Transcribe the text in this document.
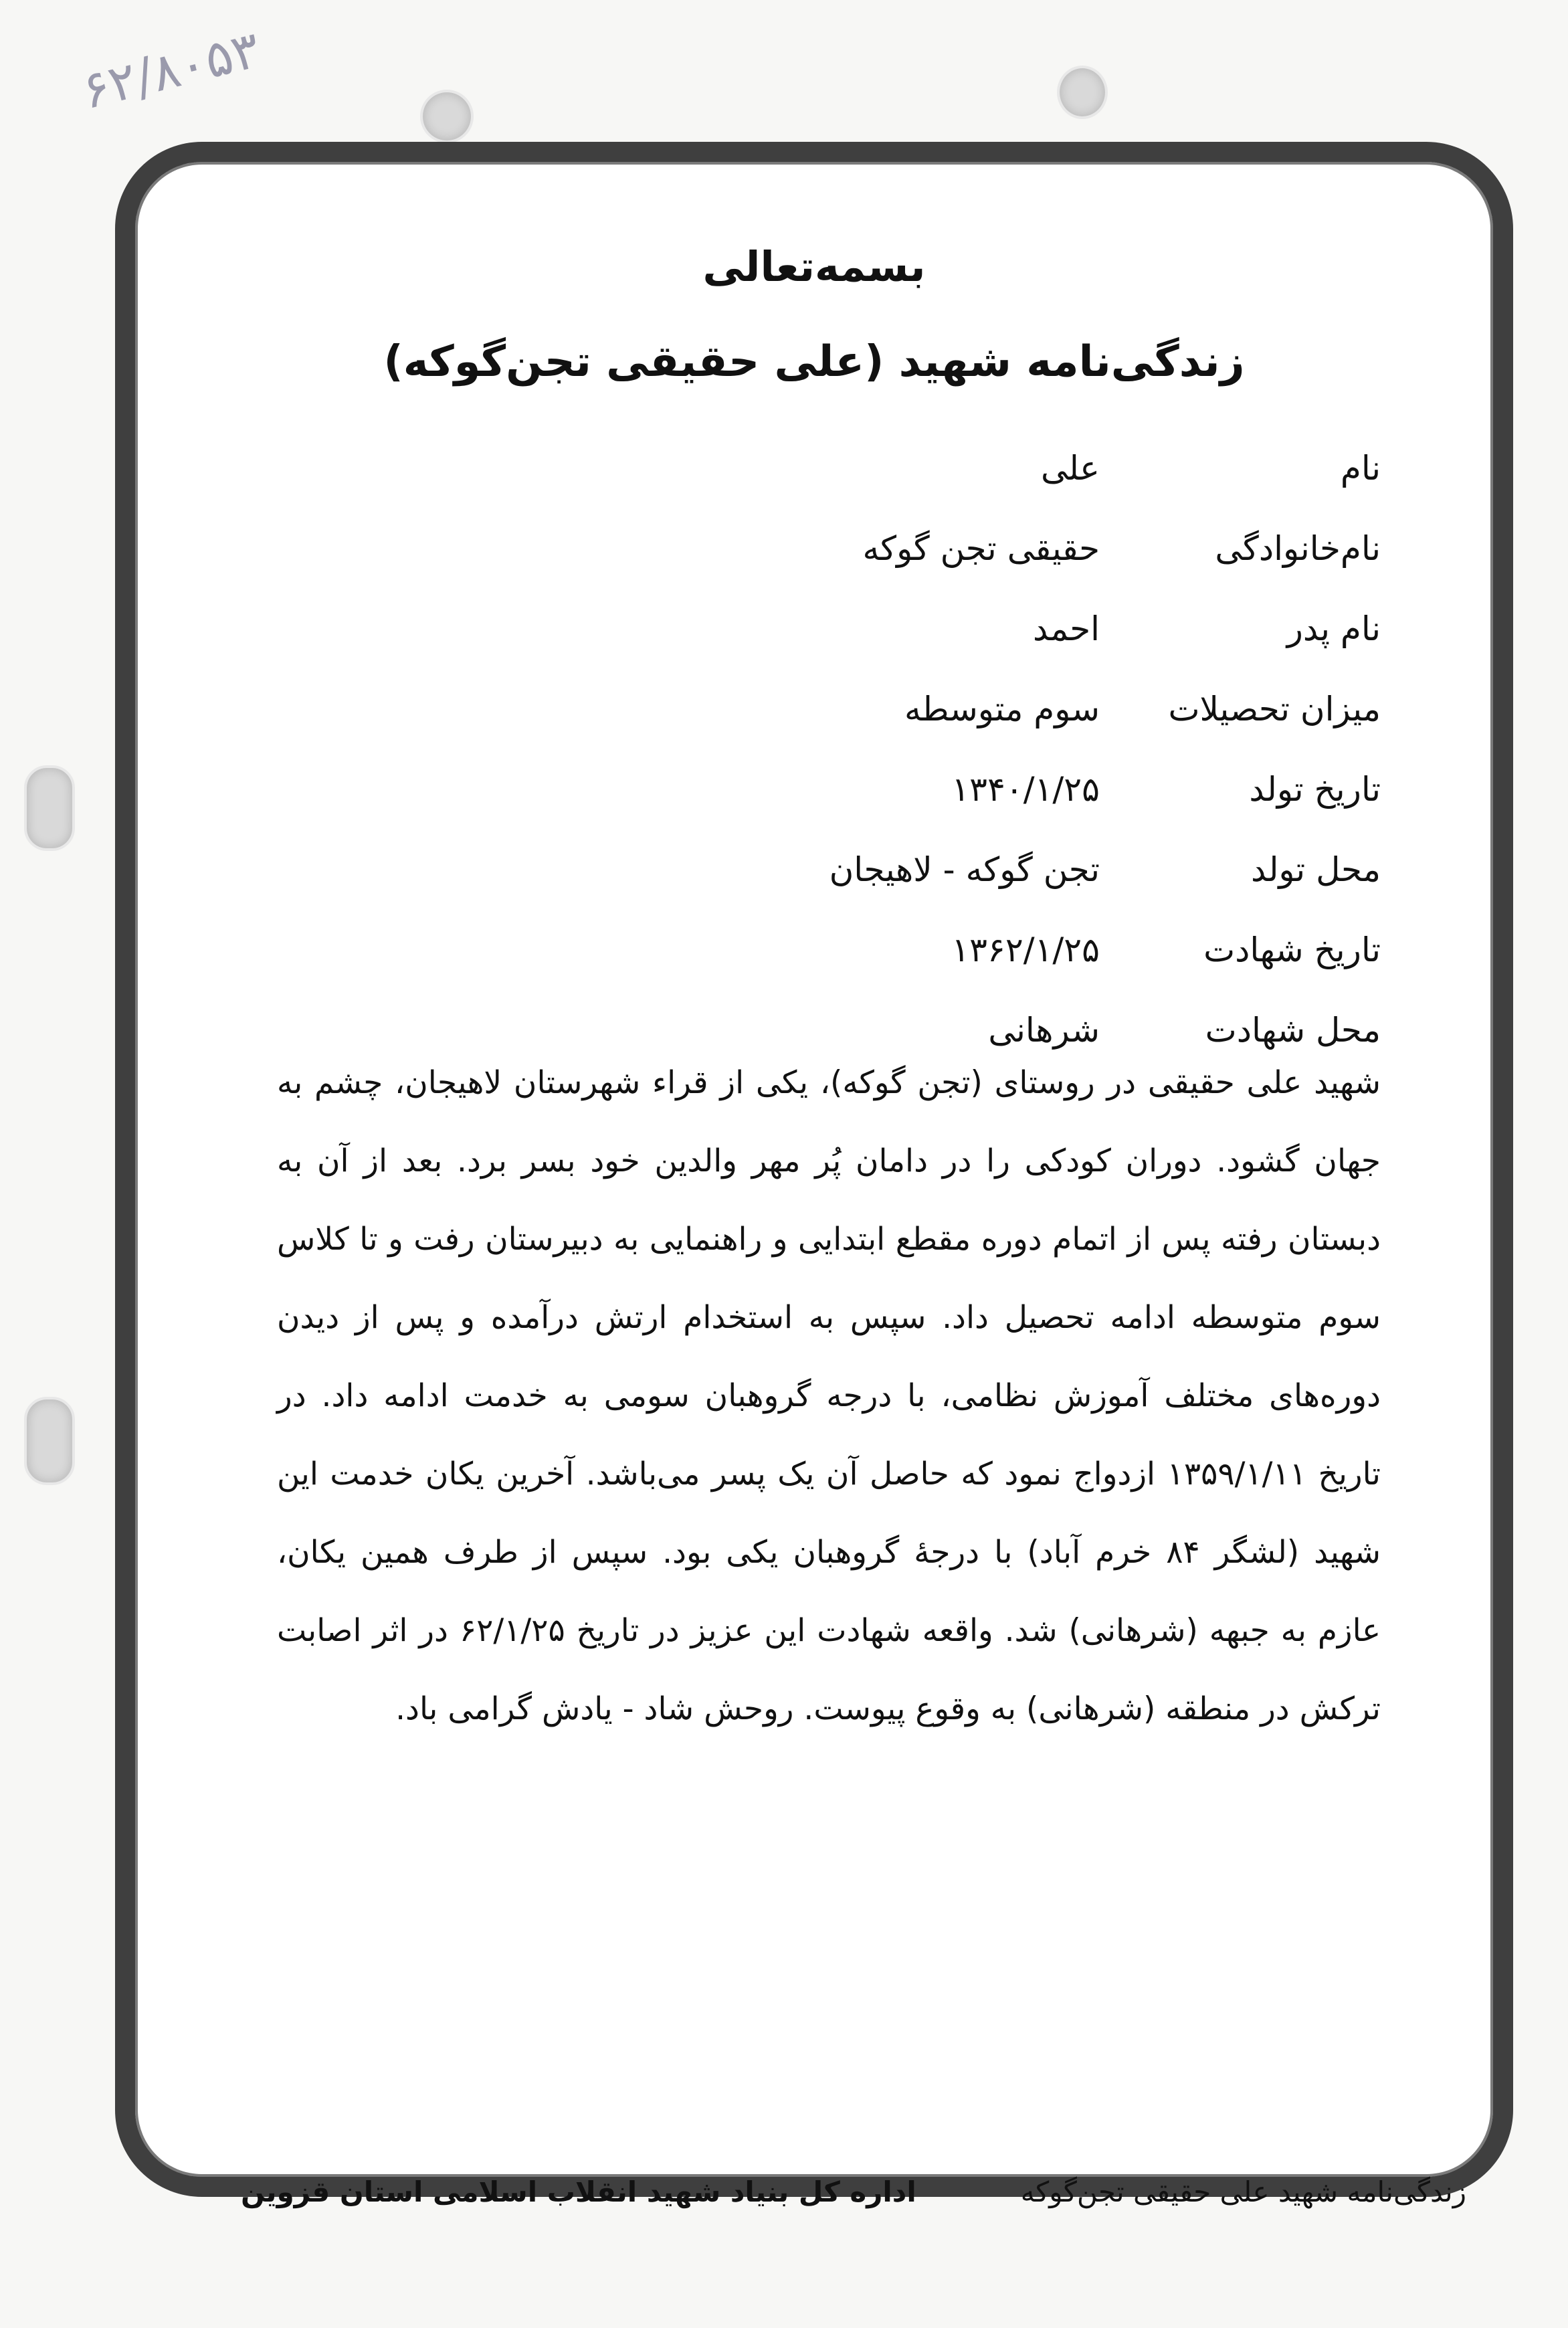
۶۲/۸۰۵۳
بسمه‌تعالی
زندگی‌نامه شهید (علی حقیقی تجن‌گوکه)
نام
علی
نام‌خانوادگی
حقیقی تجن گوکه
نام پدر
احمد
میزان تحصیلات
سوم متوسطه
تاریخ تولد
۱۳۴۰/۱/۲۵
محل تولد
تجن گوکه - لاهیجان
تاریخ شهادت
۱۳۶۲/۱/۲۵
محل شهادت
شرهانی
شهید علی حقیقی در روستای (تجن گوکه)، یکی از قراء شهرستان لاهیجان، چشم به جهان گشود. دوران کودکی را در دامان پُر مهر والدین خود بسر برد. بعد از آن به دبستان رفته پس از اتمام دوره مقطع ابتدایی و راهنمایی به دبیرستان رفت و تا کلاس سوم متوسطه ادامه تحصیل داد. سپس به استخدام ارتش درآمده و پس از دیدن دوره‌های مختلف آموزش نظامی، با درجه گروهبان سومی به خدمت ادامه داد. در تاریخ ۱۳۵۹/۱/۱۱ ازدواج نمود که حاصل آن یک پسر می‌باشد. آخرین یکان خدمت این شهید (لشگر ۸۴ خرم آباد) با درجهٔ گروهبان یکی بود. سپس از طرف همین یکان، عازم به جبهه (شرهانی) شد. واقعه شهادت این عزیز در تاریخ ۶۲/۱/۲۵ در اثر اصابت ترکش در منطقه (شرهانی) به وقوع پیوست. روحش شاد - یادش گرامی باد.
زندگی‌نامه شهید علی حقیقی تجن‌گوکه
اداره کل بنیاد شهید انقلاب اسلامی استان قزوین
